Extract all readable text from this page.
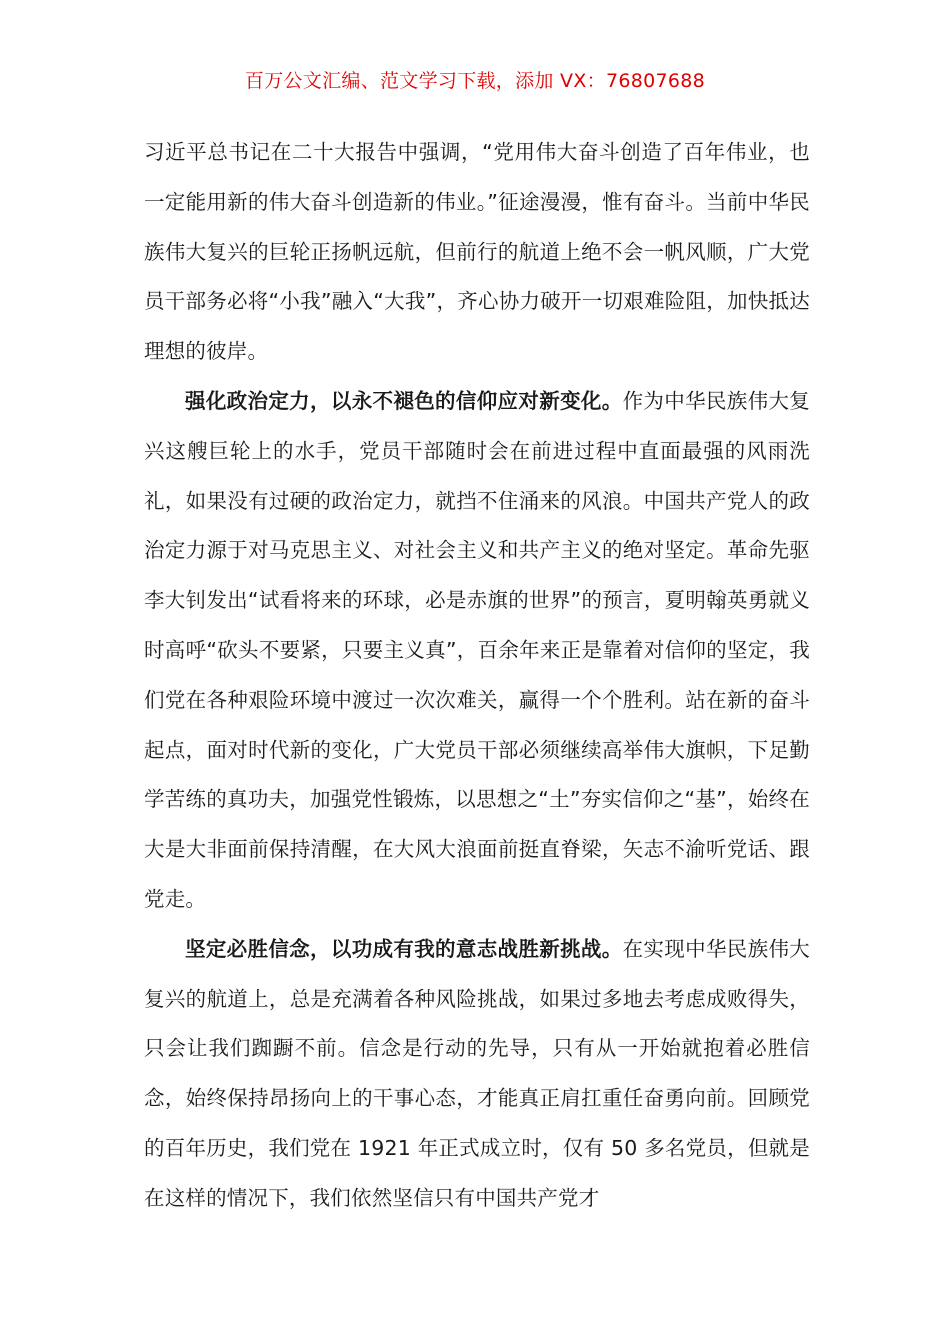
百万公文汇编、范文学习下载，添加 VX：76807688

习近平总书记在二十大报告中强调，“党用伟大奋斗创造了百年伟业，也一定能用新的伟大奋斗创造新的伟业。”征途漫漫，惟有奋斗。当前中华民族伟大复兴的巨轮正扬帆远航，但前行的航道上绝不会一帆风顺，广大党员干部务必将“小我”融入“大我”，齐心协力破开一切艰难险阻，加快抵达理想的彼岸。

强化政治定力，以永不褪色的信仰应对新变化。作为中华民族伟大复兴这艘巨轮上的水手，党员干部随时会在前进过程中直面最强的风雨洗礼，如果没有过硬的政治定力，就挡不住涌来的风浪。中国共产党人的政治定力源于对马克思主义、对社会主义和共产主义的绝对坚定。革命先驱李大钊发出“试看将来的环球，必是赤旗的世界”的预言，夏明翰英勇就义时高呼“砍头不要紧，只要主义真”，百余年来正是靠着对信仰的坚定，我们党在各种艰险环境中渡过一次次难关，赢得一个个胜利。站在新的奋斗起点，面对时代新的变化，广大党员干部必须继续高举伟大旗帜，下足勤学苦练的真功夫，加强党性锻炼，以思想之“土”夯实信仰之“基”，始终在大是大非面前保持清醒，在大风大浪面前挺直脊梁，矢志不渝听党话、跟党走。

坚定必胜信念，以功成有我的意志战胜新挑战。在实现中华民族伟大复兴的航道上，总是充满着各种风险挑战，如果过多地去考虑成败得失，只会让我们踟蹰不前。信念是行动的先导，只有从一开始就抱着必胜信念，始终保持昂扬向上的干事心态，才能真正肩扛重任奋勇向前。回顾党的百年历史，我们党在 1921 年正式成立时，仅有 50 多名党员，但就是在这样的情况下，我们依然坚信只有中国共产党才
